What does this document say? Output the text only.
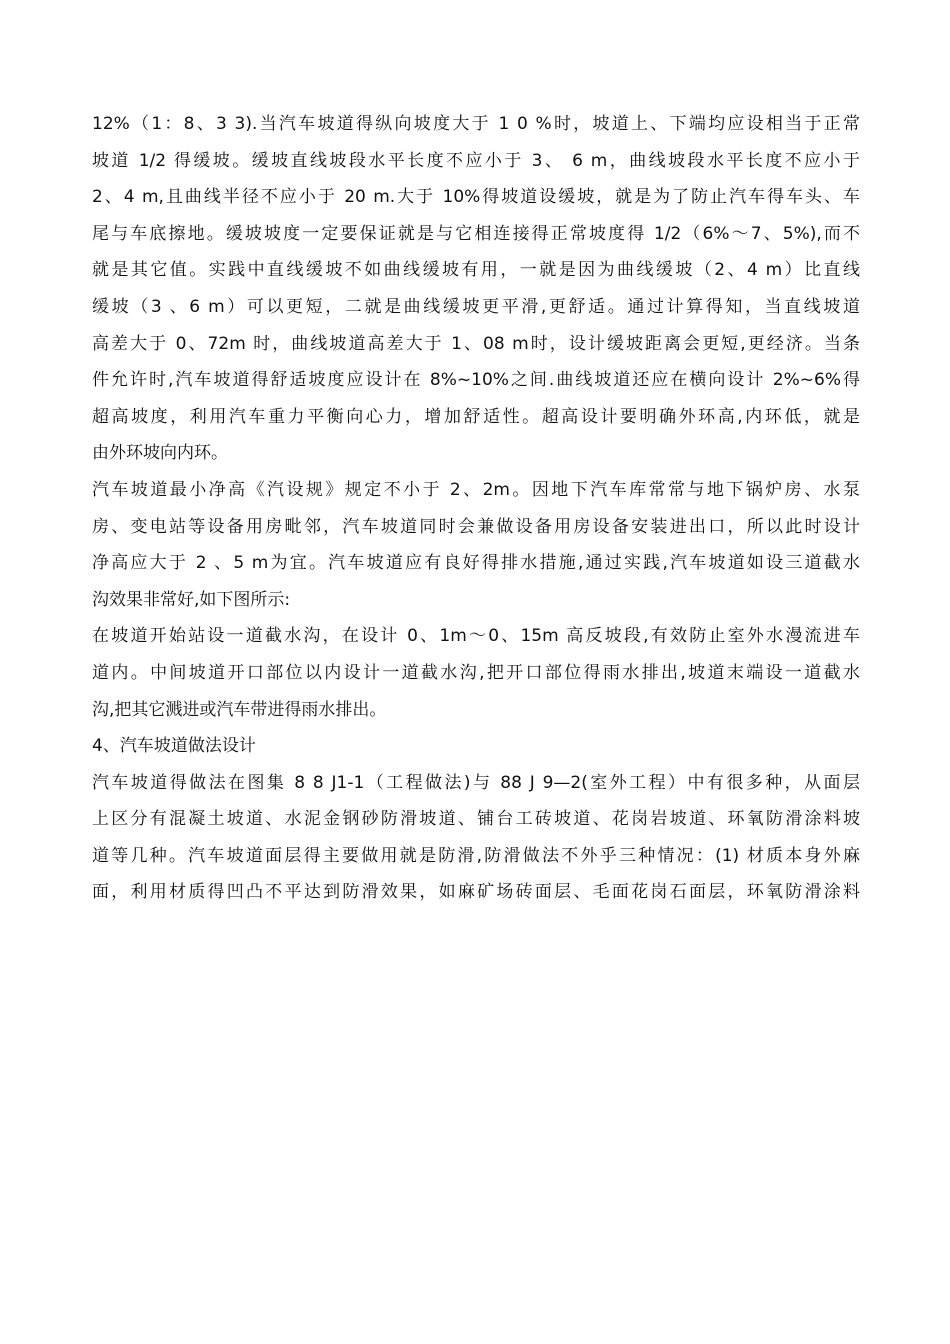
12%（1：8、3 3).当汽车坡道得纵向坡度大于 1 0 %时，坡道上、下端均应设相当于正常
坡道 1/2 得缓坡。缓坡直线坡段水平长度不应小于 3、 6 m，曲线坡段水平长度不应小于
2、4 m,且曲线半径不应小于 20 m.大于 10%得坡道设缓坡，就是为了防止汽车得车头、车
尾与车底擦地。缓坡坡度一定要保证就是与它相连接得正常坡度得 1/2（6%～7、5%),而不
就是其它值。实践中直线缓坡不如曲线缓坡有用，一就是因为曲线缓坡（2、4 m）比直线
缓坡（3 、6 m）可以更短，二就是曲线缓坡更平滑,更舒适。通过计算得知，当直线坡道
高差大于 0、72m 时，曲线坡道高差大于 1、08 m时，设计缓坡距离会更短,更经济。当条
件允许时,汽车坡道得舒适坡度应设计在 8%~10%之间.曲线坡道还应在横向设计 2%~6%得
超高坡度，利用汽车重力平衡向心力，增加舒适性。超高设计要明确外环高,内环低，就是
由外环坡向内环。
汽车坡道最小净高《汽设规》规定不小于 2、2m。因地下汽车库常常与地下锅炉房、水泵
房、变电站等设备用房毗邻，汽车坡道同时会兼做设备用房设备安装进出口，所以此时设计
净高应大于 2 、5 m为宜。汽车坡道应有良好得排水措施,通过实践,汽车坡道如设三道截水
沟效果非常好,如下图所示:
在坡道开始站设一道截水沟，在设计 0、1m～0、15m 高反坡段,有效防止室外水漫流进车
道内。中间坡道开口部位以内设计一道截水沟,把开口部位得雨水排出,坡道末端设一道截水
沟,把其它溅进或汽车带进得雨水排出。
4、汽车坡道做法设计
汽车坡道得做法在图集 8 8 J1-1（工程做法)与 88 J 9—2(室外工程）中有很多种，从面层
上区分有混凝土坡道、水泥金钢砂防滑坡道、铺台工砖坡道、花岗岩坡道、环氧防滑涂料坡
道等几种。汽车坡道面层得主要做用就是防滑,防滑做法不外乎三种情况：(1) 材质本身外麻
面，利用材质得凹凸不平达到防滑效果，如麻矿场砖面层、毛面花岗石面层，环氧防滑涂料
